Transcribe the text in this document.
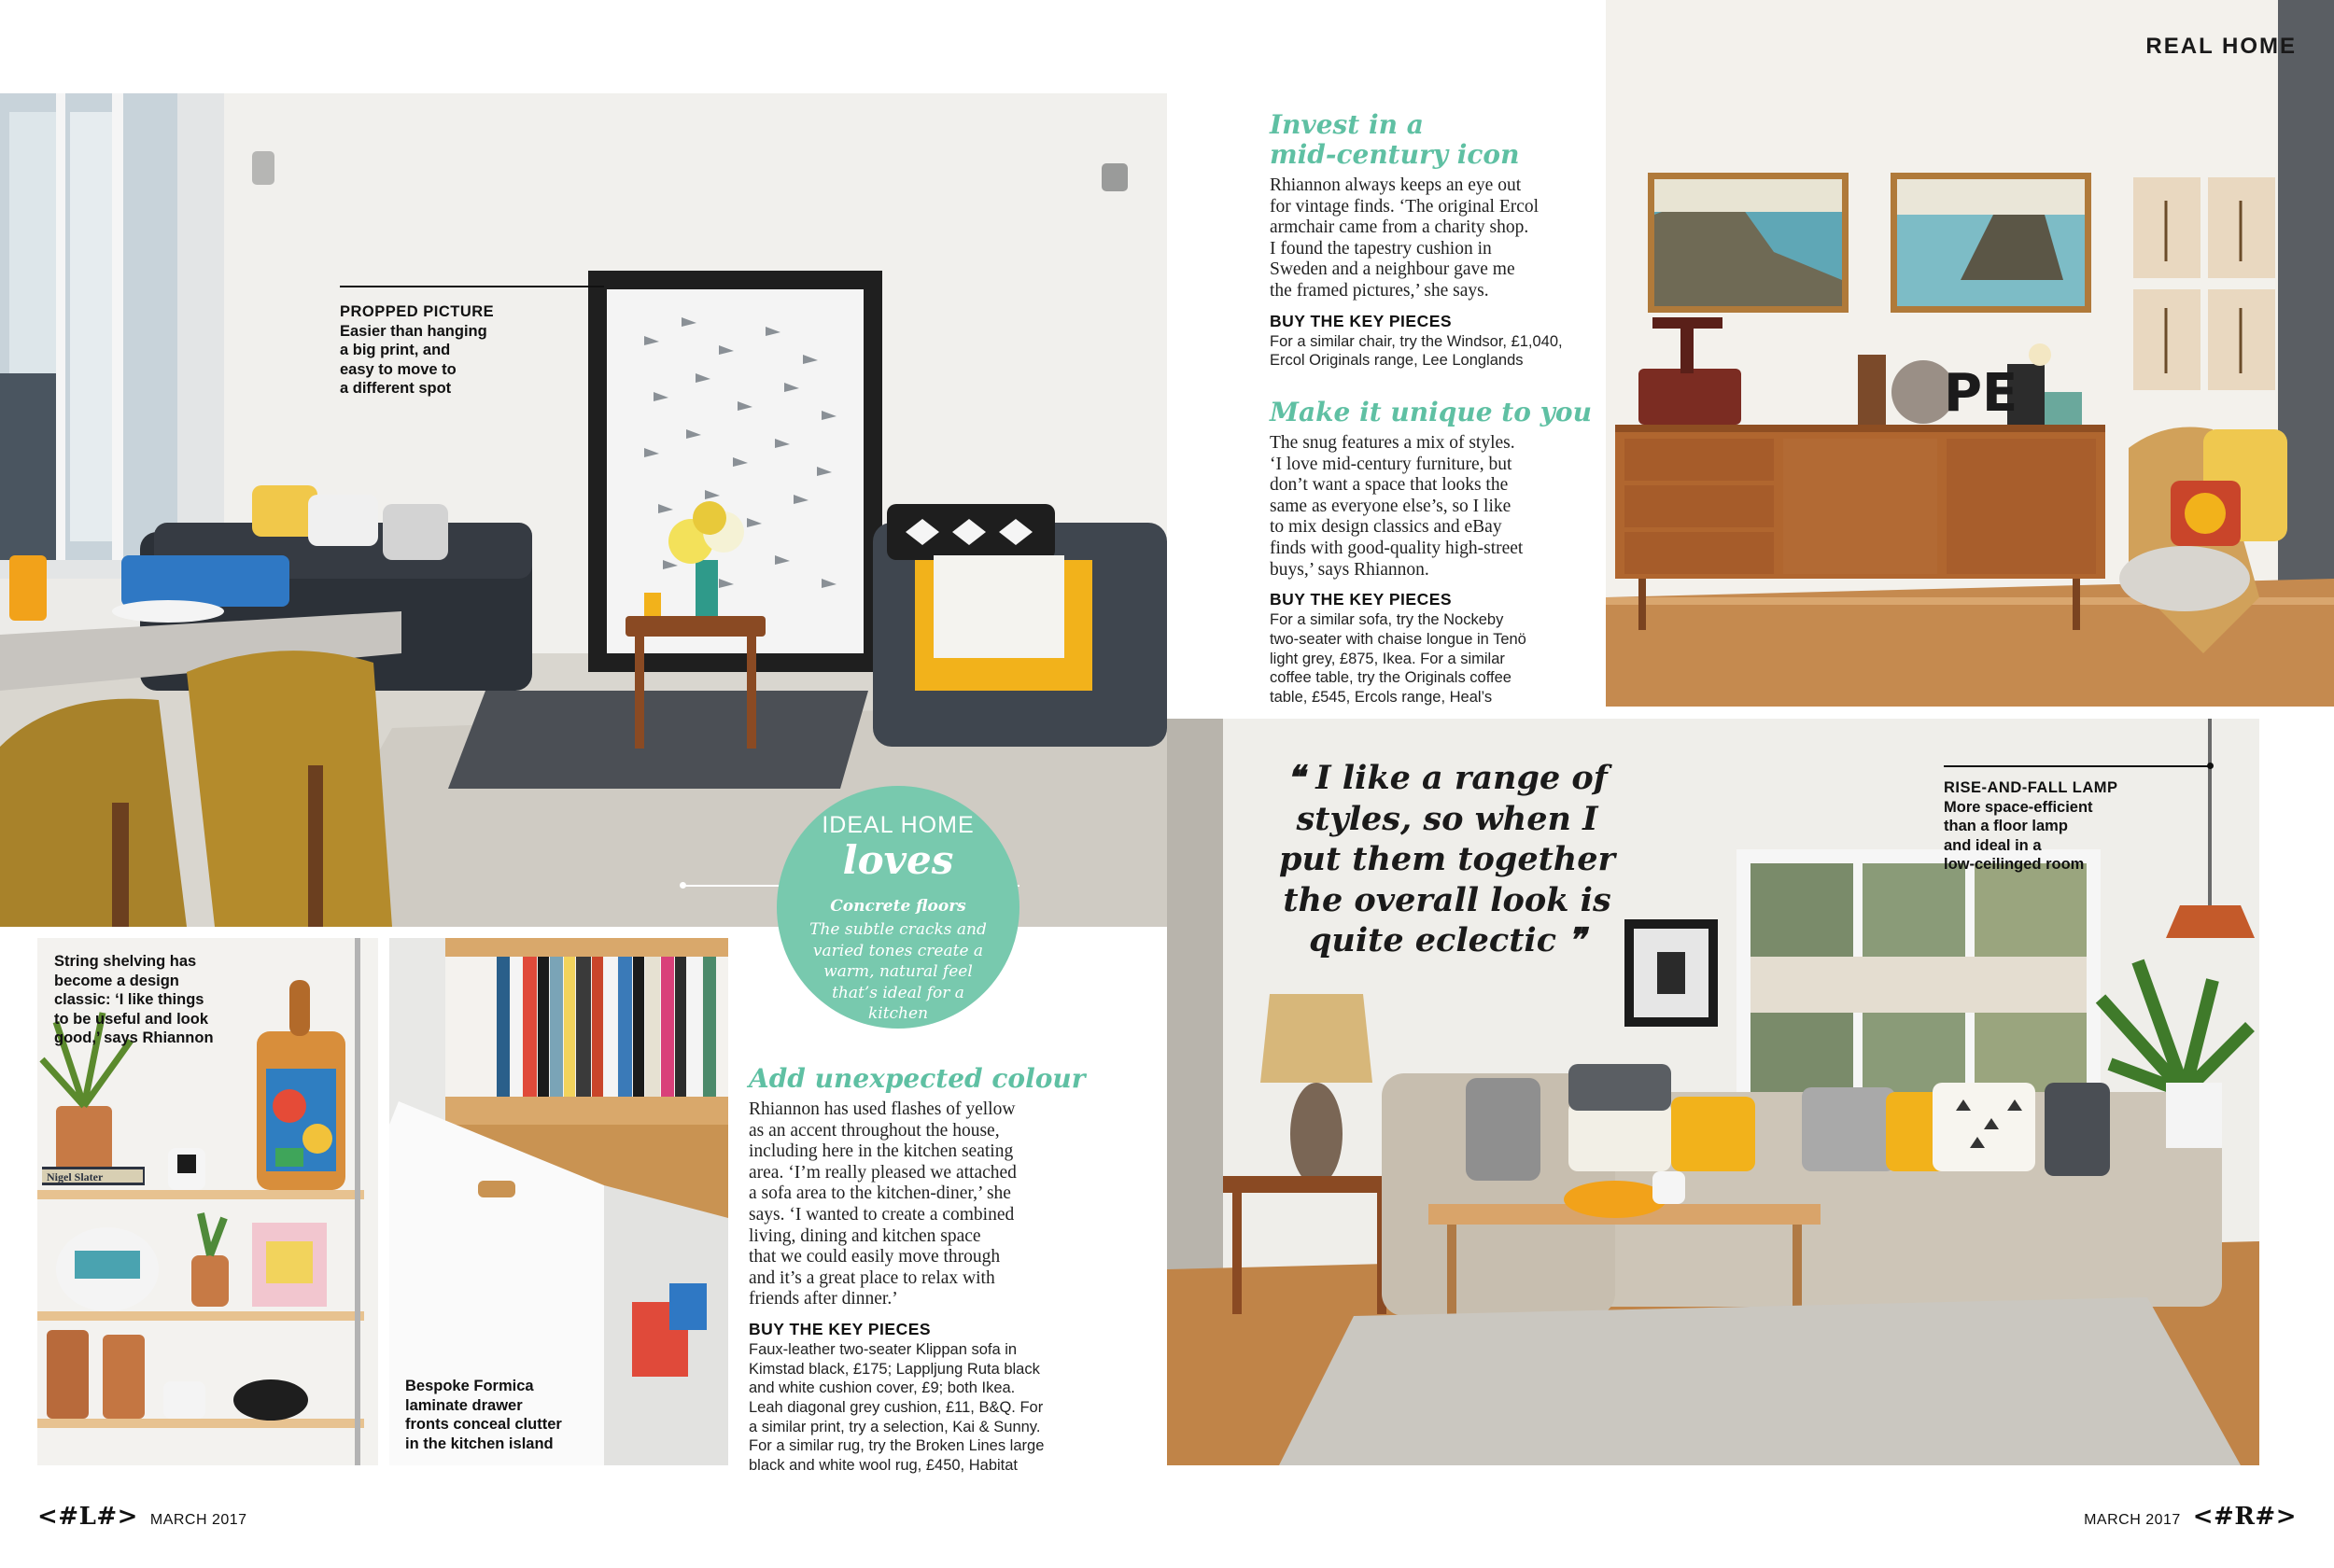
PE
Nigel Slater
REAL HOME
<#L#> MARCH 2017	MARCH 2017 <#R#>
PROPPED PICTURE
Easier than hanging
a big print, and
easy to move to
a different spot
String shelving has
become a design
classic: ‘I like things
to be useful and look
good,’ says Rhiannon
Bespoke Formica
laminate drawer
fronts conceal clutter
in the kitchen island
RISE-AND-FALL LAMP
More space-efficient
than a floor lamp
and ideal in a
low-ceilinged room
IDEAL HOME
loves
Concrete floors
The subtle cracks and varied tones create a warm, natural feel that’s ideal for a kitchen
❝ I like a range of
styles, so when I
put them together
the overall look is
quite eclectic ❞
Invest in a
mid-century icon
Rhiannon always keeps an eye out
for vintage finds. ‘The original Ercol
armchair came from a charity shop.
I found the tapestry cushion in
Sweden and a neighbour gave me
the framed pictures,’ she says.
BUY THE KEY PIECES
For a similar chair, try the Windsor, £1,040,
Ercol Originals range, Lee Longlands
Make it unique to you
The snug features a mix of styles.
‘I love mid-century furniture, but
don’t want a space that looks the
same as everyone else’s, so I like
to mix design classics and eBay
finds with good-quality high-street
buys,’ says Rhiannon.
BUY THE KEY PIECES
For a similar sofa, try the Nockeby
two-seater with chaise longue in Tenö
light grey, £875, Ikea. For a similar
coffee table, try the Originals coffee
table, £545, Ercols range, Heal’s
Add unexpected colour
Rhiannon has used flashes of yellow
as an accent throughout the house,
including here in the kitchen seating
area. ‘I’m really pleased we attached
a sofa area to the kitchen-diner,’ she
says. ‘I wanted to create a combined
living, dining and kitchen space
that we could easily move through
and it’s a great place to relax with
friends after dinner.’
BUY THE KEY PIECES
Faux-leather two-seater Klippan sofa in
Kimstad black, £175; Lappljung Ruta black
and white cushion cover, £9; both Ikea.
Leah diagonal grey cushion, £11, B&Q. For
a similar print, try a selection, Kai & Sunny.
For a similar rug, try the Broken Lines large
black and white wool rug, £450, Habitat
